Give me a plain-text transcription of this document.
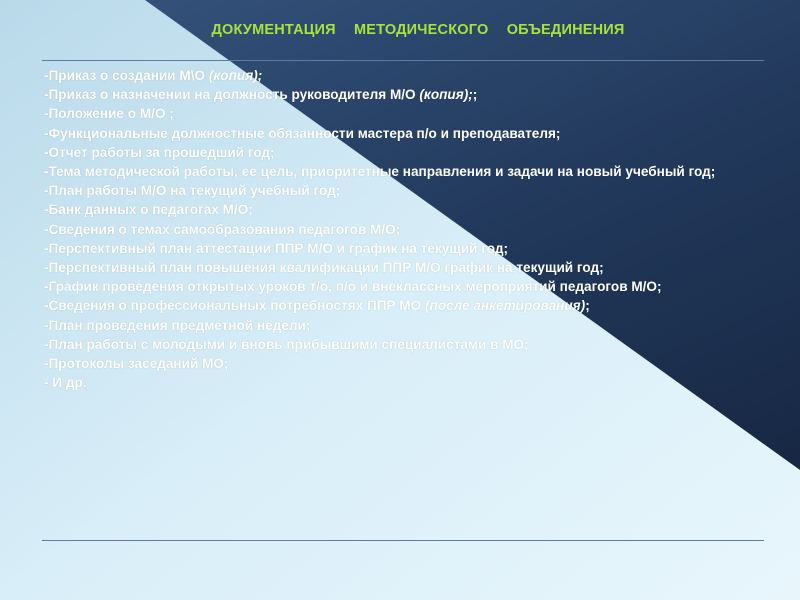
ДОКУМЕНТАЦИЯ МЕТОДИЧЕСКОГО ОБЪЕДИНЕНИЯ
-Приказ о создании М\О (копия);
-Приказ о назначении на должность руководителя М/О (копия);;
-Положение о М/О ;
-Функциональные должностные обязанности мастера п/о и преподавателя;
-Отчет работы за прошедший год;
-Тема методической работы, ее цель, приоритетные направления и задачи на новый учебный год;
-План работы М/О на текущий учебный год;
-Банк данных о педагогах М/О;
-Сведения о темах самообразования педагогов М/О;
-Перспективный план аттестации ППР М/О и график на текущий год;
-Перспективный план повышения квалификации ППР М/О график на текущий год;
-График проведения открытых уроков т/о, п/о и внеклассных мероприятий педагогов М/О;
-Сведения о профессиональных потребностях ППР МО (после анкетирования);
-План проведения предметной недели;
-План работы с молодыми и вновь прибывшими специалистами в МО;
-Протоколы заседаний МО;
- И др.
